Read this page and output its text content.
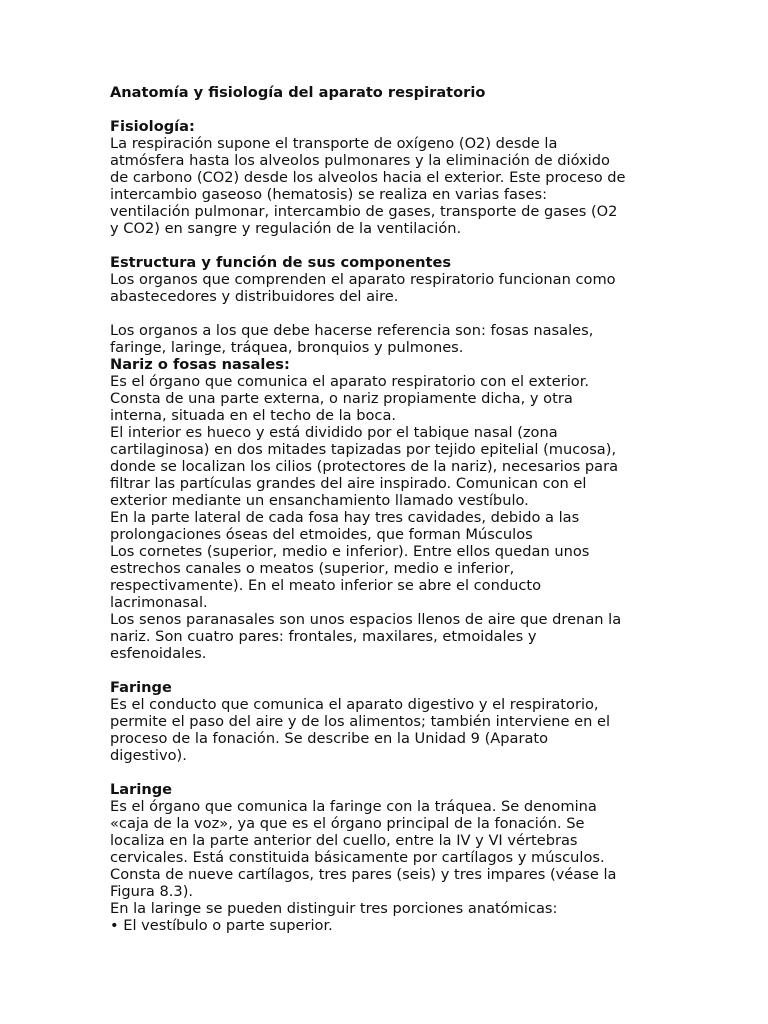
Anatomía y fisiología del aparato respiratorio
Fisiología:
La respiración supone el transporte de oxígeno (O2) desde la
atmósfera hasta los alveolos pulmonares y la eliminación de dióxido
de carbono (CO2) desde los alveolos hacia el exterior. Este proceso de
intercambio gaseoso (hematosis) se realiza en varias fases:
ventilación pulmonar, intercambio de gases, transporte de gases (O2
y CO2) en sangre y regulación de la ventilación.
Estructura y función de sus componentes
Los organos que comprenden el aparato respiratorio funcionan como
abastecedores y distribuidores del aire.
Los organos a los que debe hacerse referencia son: fosas nasales,
faringe, laringe, tráquea, bronquios y pulmones.
Nariz o fosas nasales:
Es el órgano que comunica el aparato respiratorio con el exterior.
Consta de una parte externa, o nariz propiamente dicha, y otra
interna, situada en el techo de la boca.
El interior es hueco y está dividido por el tabique nasal (zona
cartilaginosa) en dos mitades tapizadas por tejido epitelial (mucosa),
donde se localizan los cilios (protectores de la nariz), necesarios para
filtrar las partículas grandes del aire inspirado. Comunican con el
exterior mediante un ensanchamiento llamado vestíbulo.
En la parte lateral de cada fosa hay tres cavidades, debido a las
prolongaciones óseas del etmoides, que forman Músculos
Los cornetes (superior, medio e inferior). Entre ellos quedan unos
estrechos canales o meatos (superior, medio e inferior,
respectivamente). En el meato inferior se abre el conducto
lacrimonasal.
Los senos paranasales son unos espacios llenos de aire que drenan la
nariz. Son cuatro pares: frontales, maxilares, etmoidales y
esfenoidales.
Faringe
Es el conducto que comunica el aparato digestivo y el respiratorio,
permite el paso del aire y de los alimentos; también interviene en el
proceso de la fonación. Se describe en la Unidad 9 (Aparato
digestivo).
Laringe
Es el órgano que comunica la faringe con la tráquea. Se denomina
«caja de la voz», ya que es el órgano principal de la fonación. Se
localiza en la parte anterior del cuello, entre la IV y VI vértebras
cervicales. Está constituida básicamente por cartílagos y músculos.
Consta de nueve cartílagos, tres pares (seis) y tres impares (véase la
Figura 8.3).
En la laringe se pueden distinguir tres porciones anatómicas:
• El vestíbulo o parte superior.
